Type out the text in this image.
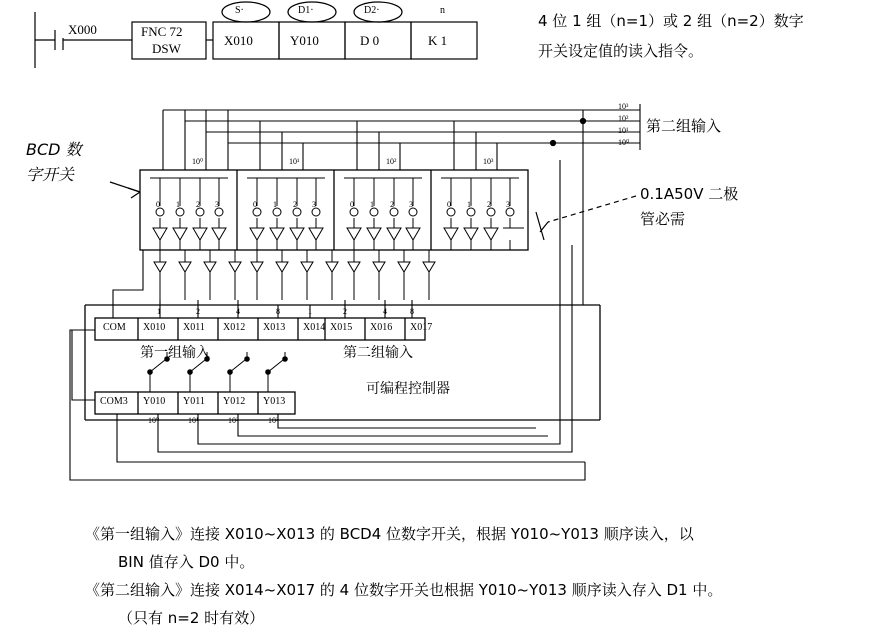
X000	FNC 72
DSW
S·	D1·	D2·	n
X010	Y010	D 0	K 1
4 位 1 组（n=1）或 2 组（n=2）数字
开关设定值的读入指令。
BCD 数
字开关
0.1A50V 二极
管必需
第二组输入
10³
10²
10¹
10⁰
10⁰	10¹	10²	10³
COM X010 X011 X012 X013 X014 X015 X016 X017
1	2	4	8	1	2	4	8
第一组输入	第二组输入
可编程控制器
COM3 Y010 Y011 Y012 Y013
10⁰	10¹	10²	10³
0 1 2 3	0 1 2 3	0 1 2 3	0 1 2 3
《第一组输入》连接 X010~X013 的 BCD4 位数字开关，根据 Y010~Y013 顺序读入，以
BIN 值存入 D0 中。
《第二组输入》连接 X014~X017 的 4 位数字开关也根据 Y010~Y013 顺序读入存入 D1 中。
（只有 n=2 时有效）
